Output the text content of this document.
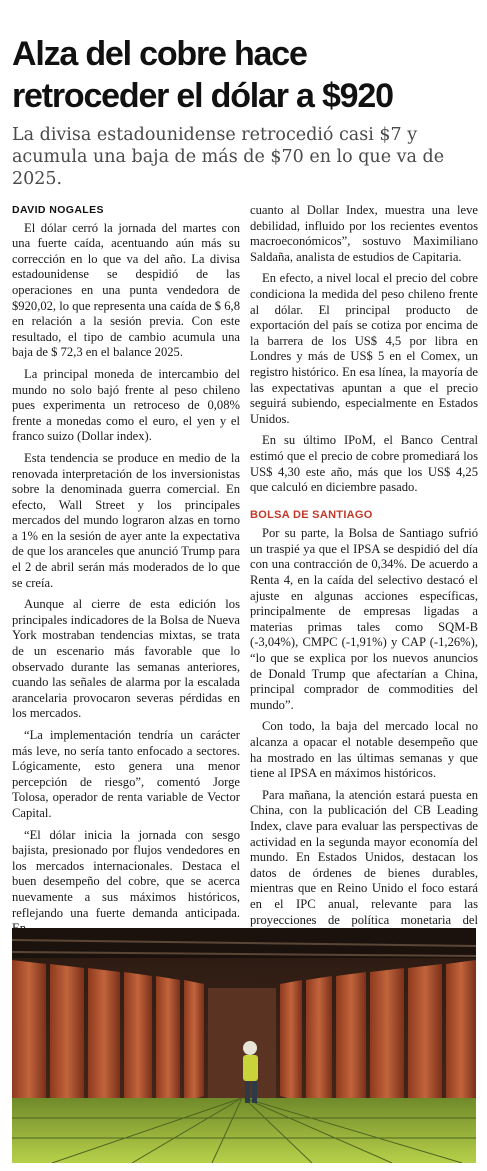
Alza del cobre hace
retroceder el dólar a $920

La divisa estadounidense retrocedió casi $7 y acumula una baja de más de $70 en lo que va de 2025.

DAVID NOGALES

El dólar cerró la jornada del martes con una fuerte caída, acentuando aún más su corrección en lo que va del año. La divisa estadounidense se despidió de las operaciones en una punta vendedora de $920,02, lo que representa una caída de $ 6,8 en relación a la sesión previa. Con este resultado, el tipo de cambio acumula una baja de $ 72,3 en el balance 2025.

La principal moneda de intercambio del mundo no solo bajó frente al peso chileno pues experimenta un retroceso de 0,08% frente a monedas como el euro, el yen y el franco suizo (Dollar index).

Esta tendencia se produce en medio de la renovada interpretación de los inversionistas sobre la denominada guerra comercial. En efecto, Wall Street y los principales mercados del mundo lograron alzas en torno a 1% en la sesión de ayer ante la expectativa de que los aranceles que anunció Trump para el 2 de abril serán más moderados de lo que se creía.

Aunque al cierre de esta edición los principales indicadores de la Bolsa de Nueva York mostraban tendencias mixtas, se trata de un escenario más favorable que lo observado durante las semanas anteriores, cuando las señales de alarma por la escalada arancelaria provocaron severas pérdidas en los mercados.

“La implementación tendría un carácter más leve, no sería tanto enfocado a sectores. Lógicamente, esto genera una menor percepción de riesgo”, comentó Jorge Tolosa, operador de renta variable de Vector Capital.

“El dólar inicia la jornada con sesgo bajista, presionado por flujos vendedores en los mercados internacionales. Destaca el buen desempeño del cobre, que se acerca nuevamente a sus máximos históricos, reflejando una fuerte demanda anticipada.

cuanto al Dollar Index, muestra una leve debilidad, influido por los recientes eventos macroeconómicos”, sostuvo Maximiliano Saldaña, analista de estudios de Capitaria.

En efecto, a nivel local el precio del cobre condiciona la medida del peso chileno frente al dólar. El principal producto de exportación del país se cotiza por encima de la barrera de los US$ 4,5 por libra en Londres y más de US$ 5 en el Comex, un registro histórico. En esa línea, la mayoría de las expectativas apuntan a que el precio seguirá subiendo, especialmente en Estados Unidos.

En su último IPoM, el Banco Central estimó que el precio de cobre promediará los US$ 4,30 este año, más que los US$ 4,25 que calculó en diciembre pasado.

BOLSA DE SANTIAGO

Por su parte, la Bolsa de Santiago sufrió un traspié ya que el IPSA se despidió del día con una contracción de 0,34%. De acuerdo a Renta 4, en la caída del selectivo destacó el ajuste en algunas acciones específicas, principalmente de empresas ligadas a materias primas tales como SQM-B (-3,04%), CMPC (-1,91%) y CAP (-1,26%), “lo que se explica por los nuevos anuncios de Donald Trump que afectarían a China, principal comprador de commodities del mundo”.

Con todo, la baja del mercado local no alcanza a opacar el notable desempeño que ha mostrado en las últimas semanas y que tiene al IPSA en máximos históricos.

Para mañana, la atención estará puesta en China, con la publicación del CB Leading Index, clave para evaluar las perspectivas de actividad en la segunda mayor economía del mundo. En Estados Unidos, destacan los datos de órdenes de bienes durables, mientras que en Reino Unido el foco estará en el IPC anual, relevante para las proyecciones de política monetaria del
